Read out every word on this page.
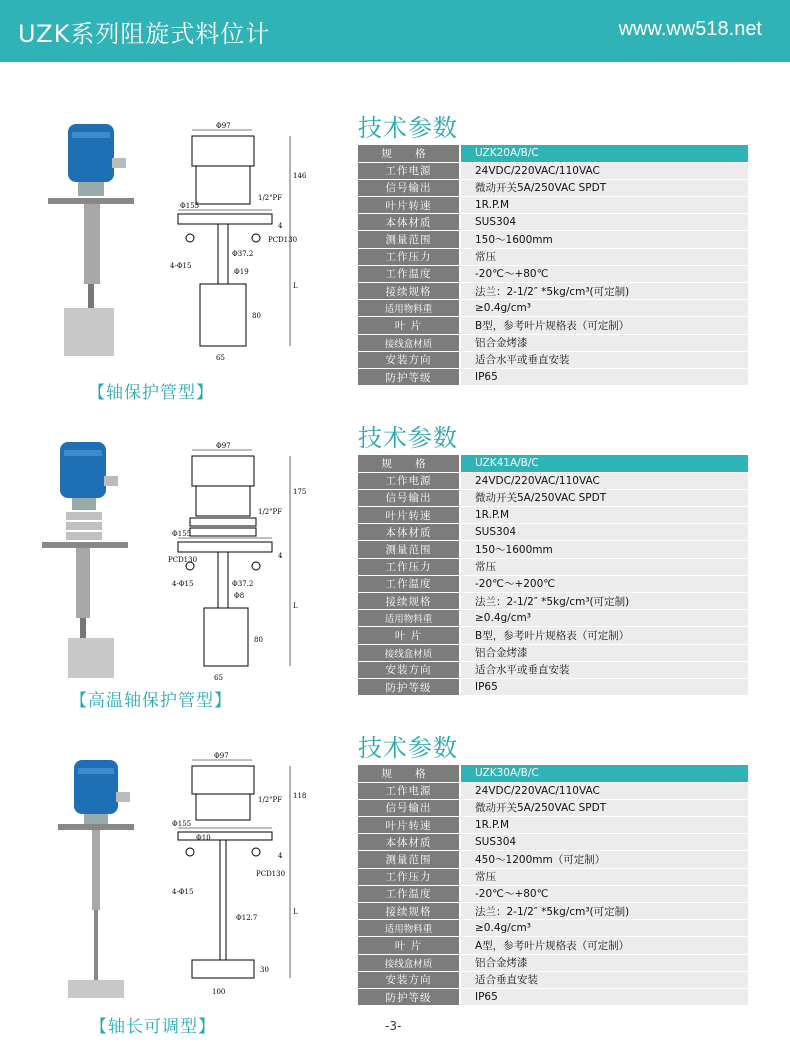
UZK系列阻旋式料位计	www.ww518.net
Φ97
1/2"PF
Φ155
PCD130
4-Φ15
Φ37.2
Φ19
65
146
4
L
80
【轴保护管型】
技术参数
规 格	UZK20A/B/C
工作电源	24VDC/220VAC/110VAC
信号输出	微动开关5A/250VAC SPDT
叶片转速	1R.P.M
本体材质	SUS304
测量范围	150～1600mm
工作压力	常压
工作温度	-20℃～+80℃
接续规格	法兰：2-1/2″ *5kg/cm³(可定制)
适用物料重	≥0.4g/cm³
叶 片	B型，参考叶片规格表（可定制）
接线盒材质	铝合金烤漆
安装方向	适合水平或垂直安装
防护等级	IP65
Φ97
1/2"PF
Φ155
PCD130
4-Φ15	Φ37.2
Φ8
65
175
4
L
80
【高温轴保护管型】
技术参数
规 格	UZK41A/B/C
工作电源	24VDC/220VAC/110VAC
信号输出	微动开关5A/250VAC SPDT
叶片转速	1R.P.M
本体材质	SUS304
测量范围	150～1600mm
工作压力	常压
工作温度	-20℃～+200℃
接续规格	法兰：2-1/2″ *5kg/cm³(可定制)
适用物料重	≥0.4g/cm³
叶 片	B型，参考叶片规格表（可定制）
接线盒材质	铝合金烤漆
安装方向	适合水平或垂直安装
防护等级	IP65
Φ97
1/2"PF
Φ155
PCD130
4-Φ15
Φ10
Φ12.7
100
118
4
L
30
【轴长可调型】
技术参数
规 格	UZK30A/B/C
工作电源	24VDC/220VAC/110VAC
信号输出	微动开关5A/250VAC SPDT
叶片转速	1R.P.M
本体材质	SUS304
测量范围	450～1200mm（可定制）
工作压力	常压
工作温度	-20℃～+80℃
接续规格	法兰：2-1/2″ *5kg/cm³(可定制)
适用物料重	≥0.4g/cm³
叶 片	A型，参考叶片规格表（可定制）
接线盒材质	铝合金烤漆
安装方向	适合垂直安装
防护等级	IP65
-3-
